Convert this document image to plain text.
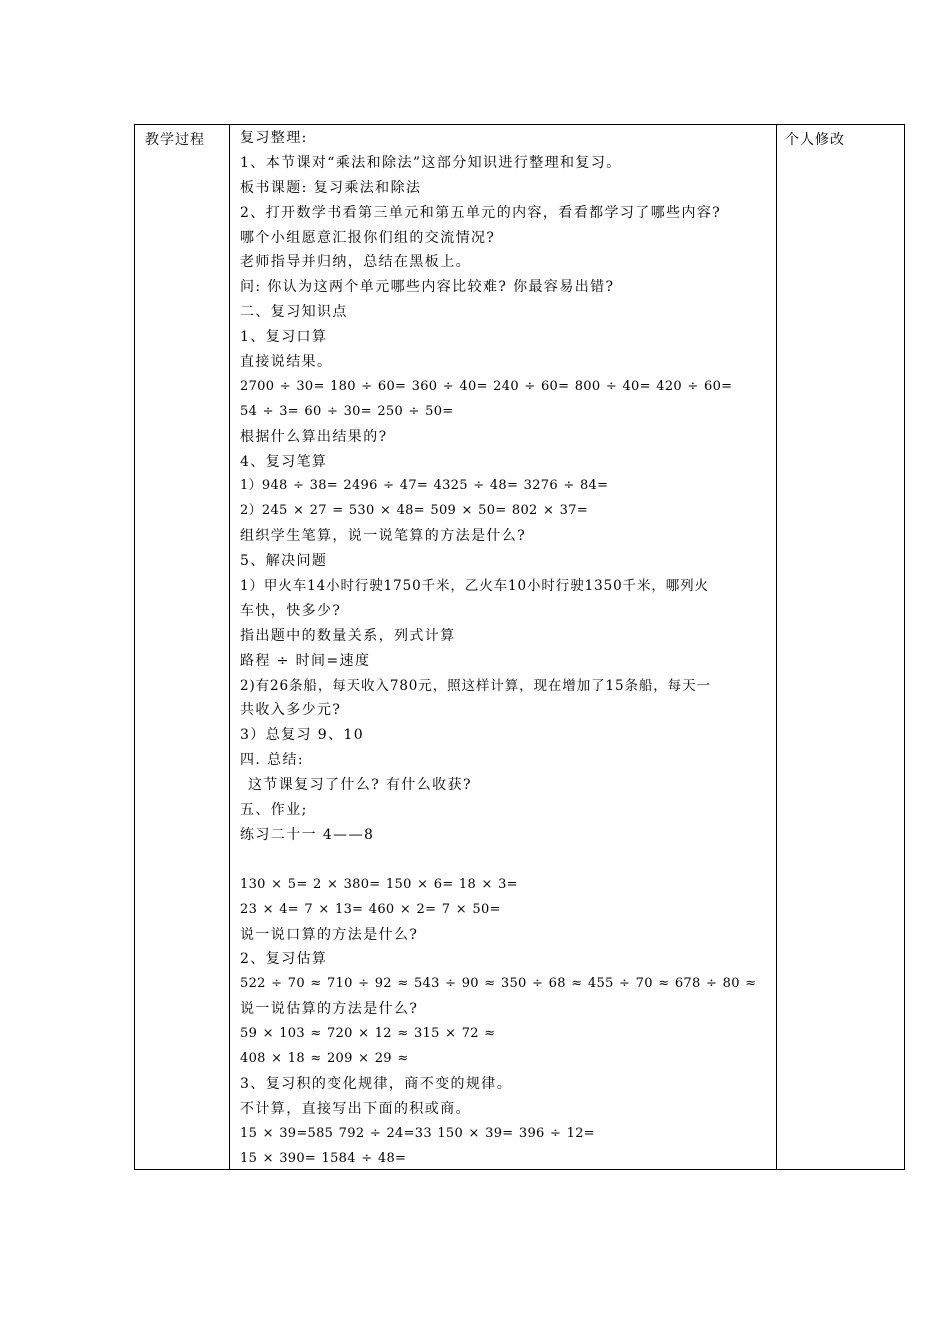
教学过程	个人修改
复习整理:
1、本节课对“乘法和除法”这部分知识进行整理和复习。
板书课题: 复习乘法和除法
2、打开数学书看第三单元和第五单元的内容，看看都学习了哪些内容?
哪个小组愿意汇报你们组的交流情况?
老师指导并归纳，总结在黑板上。
问: 你认为这两个单元哪些内容比较难? 你最容易出错?
二、复习知识点
1、复习口算
直接说结果。
2700 ÷ 30= 180 ÷ 60= 360 ÷ 40= 240 ÷ 60= 800 ÷ 40= 420 ÷ 60=
54 ÷ 3= 60 ÷ 30= 250 ÷ 50=
根据什么算出结果的?
4、复习笔算
1）948 ÷ 38= 2496 ÷ 47= 4325 ÷ 48= 3276 ÷ 84=
2）245 × 27 = 530 × 48= 509 × 50= 802 × 37=
组织学生笔算，说一说笔算的方法是什么?
5、解决问题
1）甲火车14小时行驶1750千米，乙火车10小时行驶1350千米，哪列火
车快，快多少?
指出题中的数量关系，列式计算
路程 ÷ 时间=速度
2)有26条船，每天收入780元，照这样计算，现在增加了15条船，每天一
共收入多少元?
3）总复习 9、10
四. 总结:
这节课复习了什么? 有什么收获?
五、作业;
练习二十一 4——8
130 × 5= 2 × 380= 150 × 6= 18 × 3=
23 × 4= 7 × 13= 460 × 2= 7 × 50=
说一说口算的方法是什么?
2、复习估算
522 ÷ 70 ≈ 710 ÷ 92 ≈ 543 ÷ 90 ≈ 350 ÷ 68 ≈ 455 ÷ 70 ≈ 678 ÷ 80 ≈
说一说估算的方法是什么?
59 × 103 ≈ 720 × 12 ≈ 315 × 72 ≈
408 × 18 ≈ 209 × 29 ≈
3、复习积的变化规律，商不变的规律。
不计算，直接写出下面的积或商。
15 × 39=585 792 ÷ 24=33 150 × 39= 396 ÷ 12=
15 × 390= 1584 ÷ 48=
